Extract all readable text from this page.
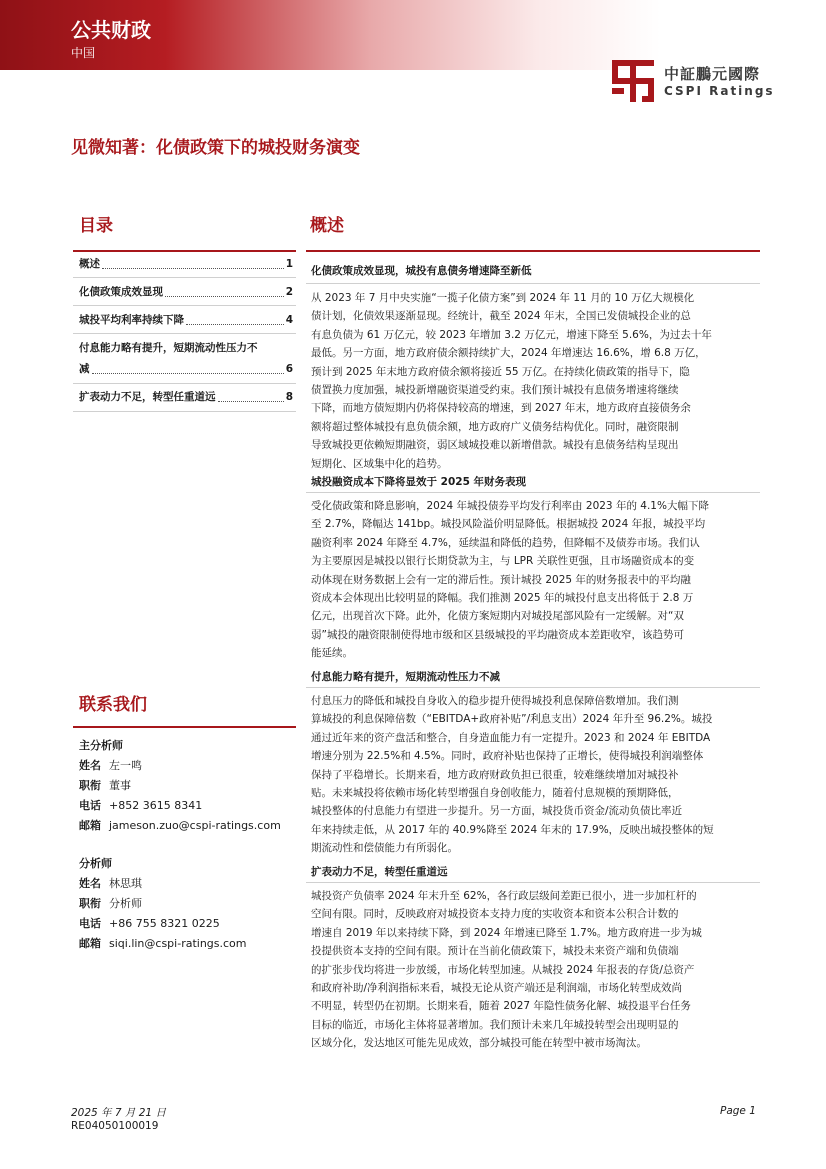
公共财政
中国
中証鵬元國際
CSPI Ratings
见微知著：化债政策下的城投财务演变
目录
概述	1
化债政策成效显现	2
城投平均利率持续下降	4
付息能力略有提升，短期流动性压力不
减	6
扩表动力不足，转型任重道远	8
联系我们
主分析师
姓名 左一鸣
职衔 董事
电话 +852 3615 8341
邮箱 jameson.zuo@cspi-ratings.com
分析师
姓名 林思琪
职衔 分析师
电话 +86 755 8321 0225
邮箱 siqi.lin@cspi-ratings.com
概述
化债政策成效显现，城投有息债务增速降至新低
从 2023 年 7 月中央实施“一揽子化债方案”到 2024 年 11 月的 10 万亿大规模化
债计划，化债效果逐渐显现。经统计，截至 2024 年末，全国已发债城投企业的总
有息负债为 61 万亿元，较 2023 年增加 3.2 万亿元，增速下降至 5.6%，为过去十年
最低。另一方面，地方政府债余额持续扩大，2024 年增速达 16.6%，增 6.8 万亿，
预计到 2025 年末地方政府债余额将接近 55 万亿。在持续化债政策的指导下，隐
债置换力度加强，城投新增融资渠道受约束。我们预计城投有息债务增速将继续
下降，而地方债短期内仍将保持较高的增速，到 2027 年末，地方政府直接债务余
额将超过整体城投有息负债余额，地方政府广义债务结构优化。同时，融资限制
导致城投更依赖短期融资，弱区域城投难以新增借款。城投有息债务结构呈现出
短期化、区域集中化的趋势。
城投融资成本下降将显效于 2025 年财务表现
受化债政策和降息影响，2024 年城投债券平均发行利率由 2023 年的 4.1%大幅下降
至 2.7%，降幅达 141bp。城投风险溢价明显降低。根据城投 2024 年报，城投平均
融资利率 2024 年降至 4.7%，延续温和降低的趋势，但降幅不及债券市场。我们认
为主要原因是城投以银行长期贷款为主，与 LPR 关联性更强，且市场融资成本的变
动体现在财务数据上会有一定的滞后性。预计城投 2025 年的财务报表中的平均融
资成本会体现出比较明显的降幅。我们推测 2025 年的城投付息支出将低于 2.8 万
亿元，出现首次下降。此外，化债方案短期内对城投尾部风险有一定缓解。对“双
弱”城投的融资限制使得地市级和区县级城投的平均融资成本差距收窄，该趋势可
能延续。
付息能力略有提升，短期流动性压力不减
付息压力的降低和城投自身收入的稳步提升使得城投利息保障倍数增加。我们测
算城投的利息保障倍数（“EBITDA+政府补贴”/利息支出）2024 年升至 96.2%。城投
通过近年来的资产盘活和整合，自身造血能力有一定提升。2023 和 2024 年 EBITDA
增速分别为 22.5%和 4.5%。同时，政府补贴也保持了正增长，使得城投利润端整体
保持了平稳增长。长期来看，地方政府财政负担已很重，较难继续增加对城投补
贴。未来城投将依赖市场化转型增强自身创收能力，随着付息规模的预期降低，
城投整体的付息能力有望进一步提升。另一方面，城投货币资金/流动负债比率近
年来持续走低，从 2017 年的 40.9%降至 2024 年末的 17.9%，反映出城投整体的短
期流动性和偿债能力有所弱化。
扩表动力不足，转型任重道远
城投资产负债率 2024 年末升至 62%，各行政层级间差距已很小，进一步加杠杆的
空间有限。同时，反映政府对城投资本支持力度的实收资本和资本公积合计数的
增速自 2019 年以来持续下降，到 2024 年增速已降至 1.7%。地方政府进一步为城
投提供资本支持的空间有限。预计在当前化债政策下，城投未来资产端和负债端
的扩张步伐均将进一步放缓，市场化转型加速。从城投 2024 年报表的存货/总资产
和政府补助/净利润指标来看，城投无论从资产端还是利润端，市场化转型成效尚
不明显，转型仍在初期。长期来看，随着 2027 年隐性债务化解、城投退平台任务
目标的临近，市场化主体将显著增加。我们预计未来几年城投转型会出现明显的
区域分化，发达地区可能先见成效，部分城投可能在转型中被市场淘汰。
2025 年 7 月 21 日
RE04050100019
Page 1
